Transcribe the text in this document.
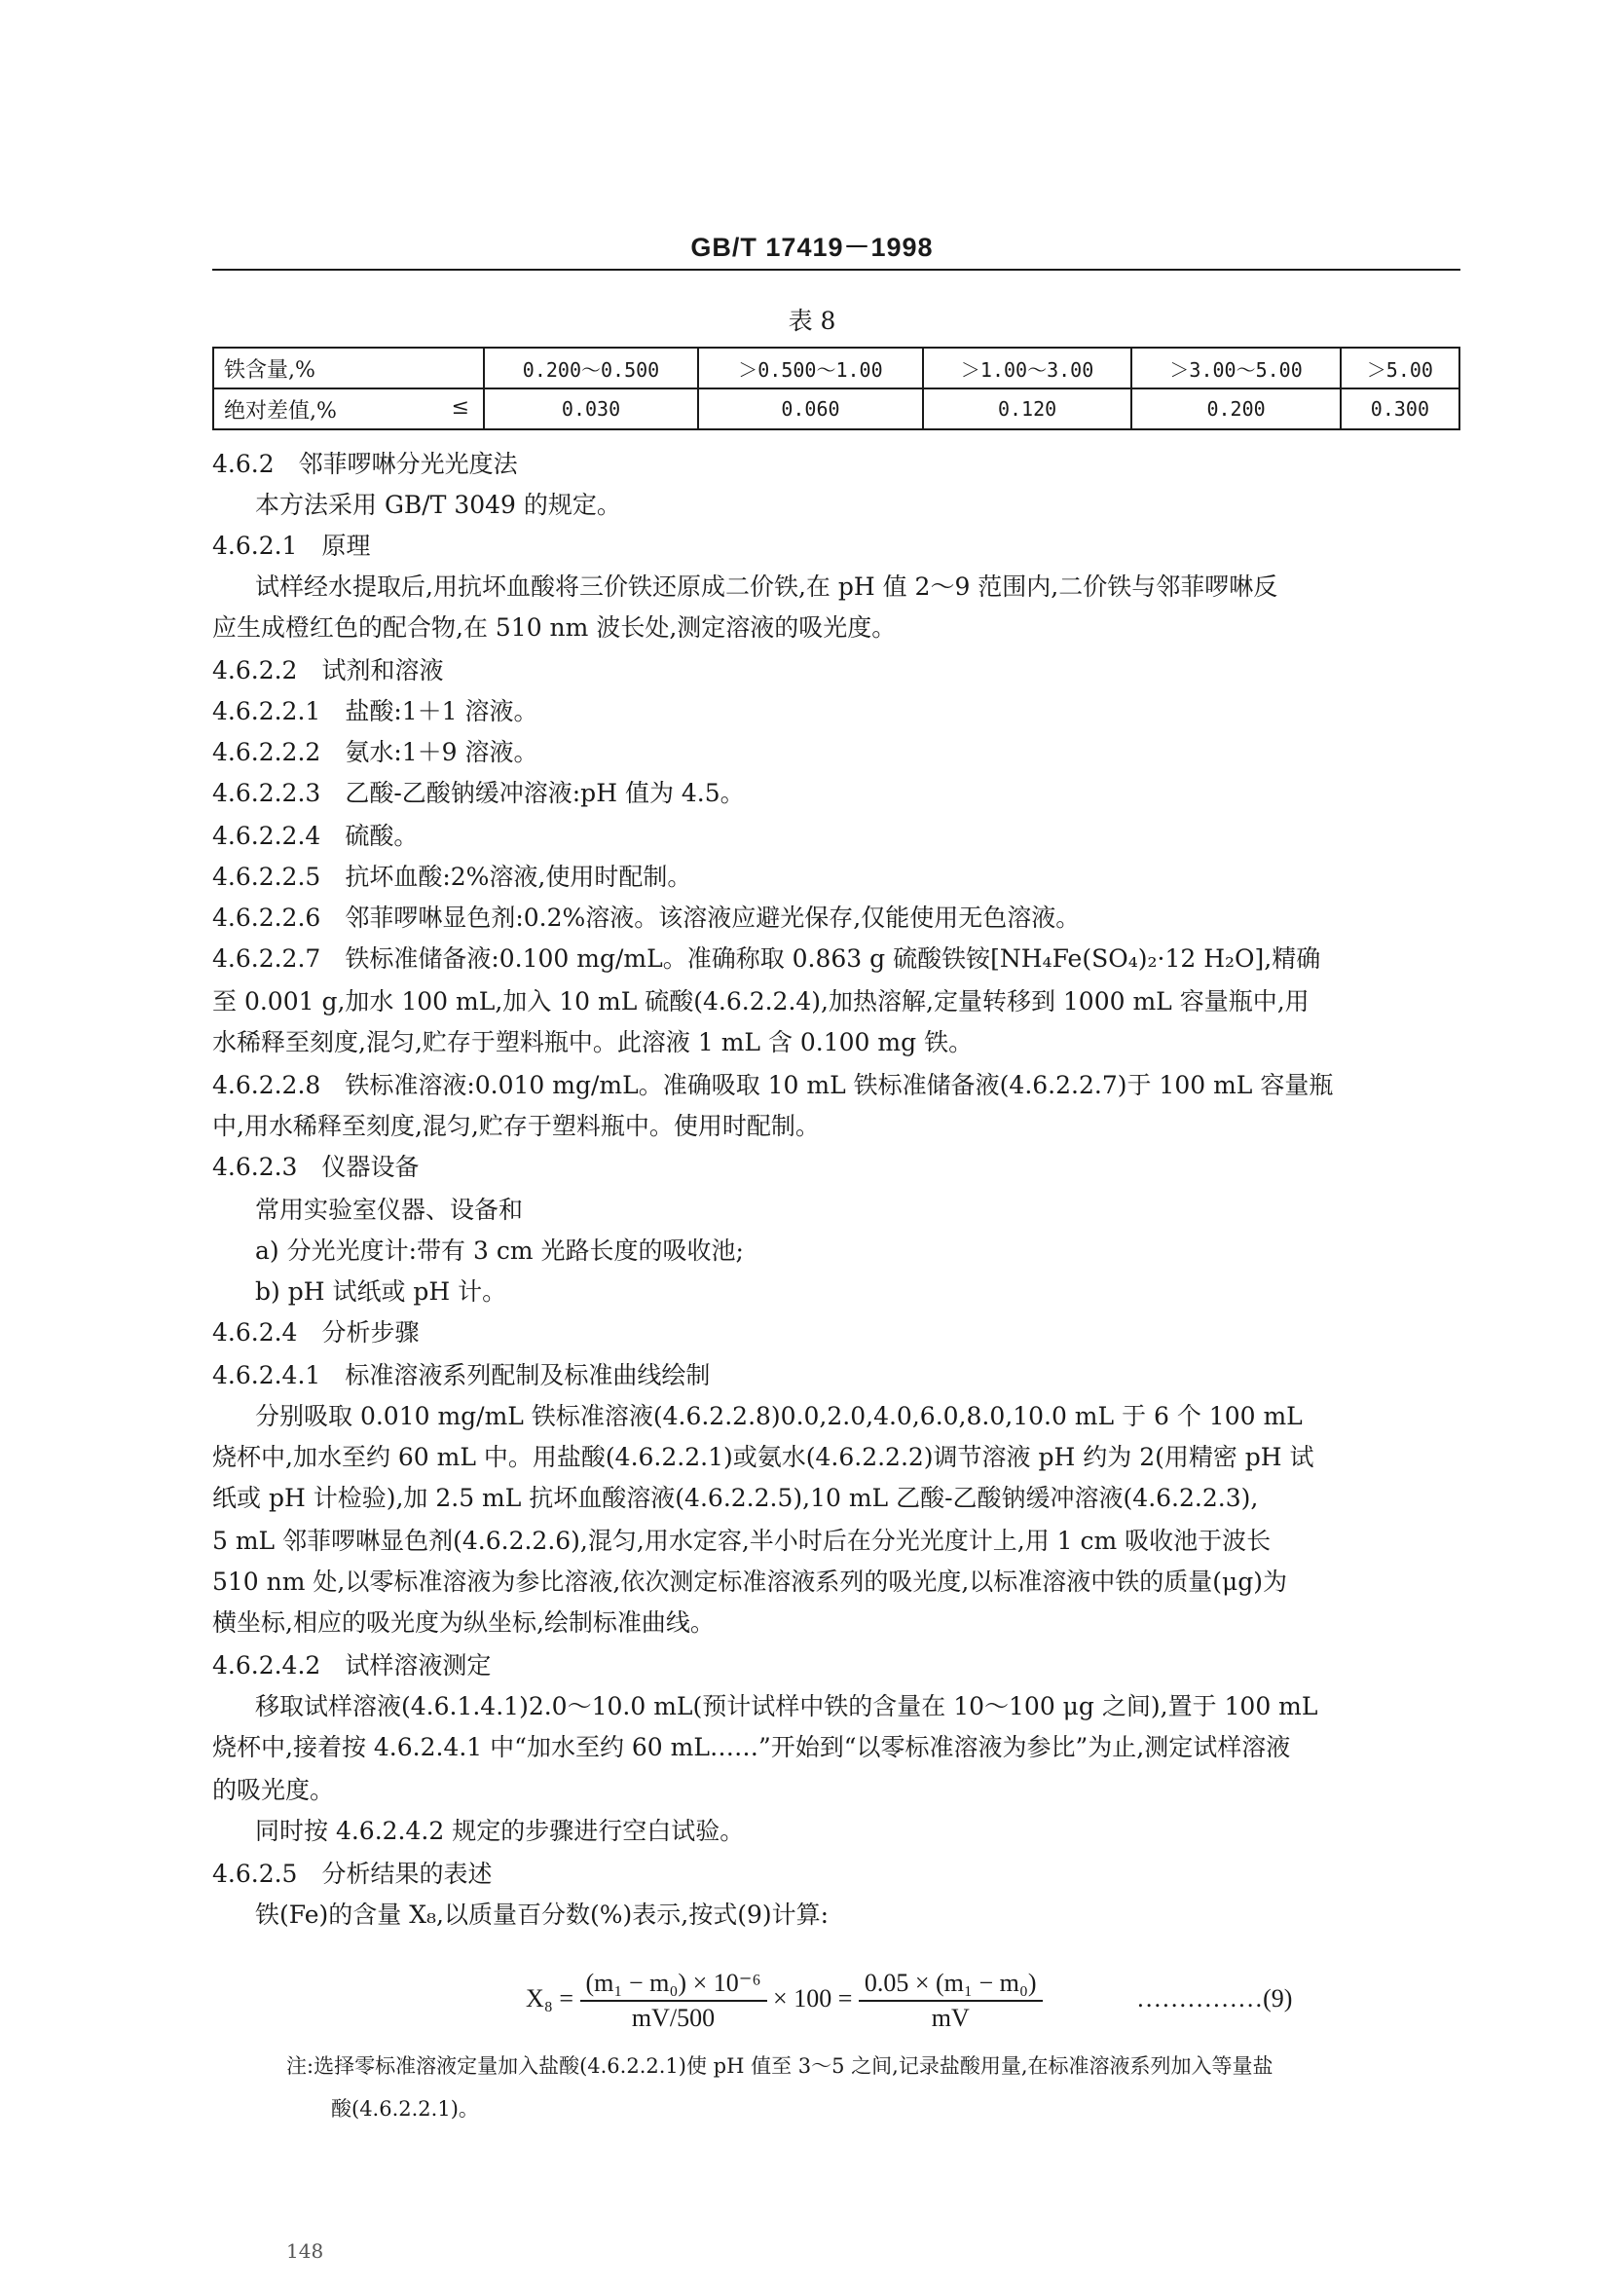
GB/T 17419－1998
表 8
铁含量,%	0.200～0.500	＞0.500～1.00	＞1.00～3.00	＞3.00～5.00	＞5.00
绝对差值,% ≤	0.030	0.060	0.120	0.200	0.300
4.6.2　邻菲啰啉分光光度法
本方法采用 GB/T 3049 的规定。
4.6.2.1　原理
试样经水提取后,用抗坏血酸将三价铁还原成二价铁,在 pH 值 2～9 范围内,二价铁与邻菲啰啉反
应生成橙红色的配合物,在 510 nm 波长处,测定溶液的吸光度。
4.6.2.2　试剂和溶液
4.6.2.2.1　盐酸:1＋1 溶液。
4.6.2.2.2　氨水:1＋9 溶液。
4.6.2.2.3　乙酸-乙酸钠缓冲溶液:pH 值为 4.5。
4.6.2.2.4　硫酸。
4.6.2.2.5　抗坏血酸:2%溶液,使用时配制。
4.6.2.2.6　邻菲啰啉显色剂:0.2%溶液。该溶液应避光保存,仅能使用无色溶液。
4.6.2.2.7　铁标准储备液:0.100 mg/mL。准确称取 0.863 g 硫酸铁铵[NH₄Fe(SO₄)₂·12 H₂O],精确
至 0.001 g,加水 100 mL,加入 10 mL 硫酸(4.6.2.2.4),加热溶解,定量转移到 1000 mL 容量瓶中,用
水稀释至刻度,混匀,贮存于塑料瓶中。此溶液 1 mL 含 0.100 mg 铁。
4.6.2.2.8　铁标准溶液:0.010 mg/mL。准确吸取 10 mL 铁标准储备液(4.6.2.2.7)于 100 mL 容量瓶
中,用水稀释至刻度,混匀,贮存于塑料瓶中。使用时配制。
4.6.2.3　仪器设备
常用实验室仪器、设备和
a) 分光光度计:带有 3 cm 光路长度的吸收池;
b) pH 试纸或 pH 计。
4.6.2.4　分析步骤
4.6.2.4.1　标准溶液系列配制及标准曲线绘制
分别吸取 0.010 mg/mL 铁标准溶液(4.6.2.2.8)0.0,2.0,4.0,6.0,8.0,10.0 mL 于 6 个 100 mL
烧杯中,加水至约 60 mL 中。用盐酸(4.6.2.2.1)或氨水(4.6.2.2.2)调节溶液 pH 约为 2(用精密 pH 试
纸或 pH 计检验),加 2.5 mL 抗坏血酸溶液(4.6.2.2.5),10 mL 乙酸-乙酸钠缓冲溶液(4.6.2.2.3),
5 mL 邻菲啰啉显色剂(4.6.2.2.6),混匀,用水定容,半小时后在分光光度计上,用 1 cm 吸收池于波长
510 nm 处,以零标准溶液为参比溶液,依次测定标准溶液系列的吸光度,以标准溶液中铁的质量(μg)为
横坐标,相应的吸光度为纵坐标,绘制标准曲线。
4.6.2.4.2　试样溶液测定
移取试样溶液(4.6.1.4.1)2.0～10.0 mL(预计试样中铁的含量在 10～100 μg 之间),置于 100 mL
烧杯中,接着按 4.6.2.4.1 中“加水至约 60 mL……”开始到“以零标准溶液为参比”为止,测定试样溶液
的吸光度。
同时按 4.6.2.4.2 规定的步骤进行空白试验。
4.6.2.5　分析结果的表述
铁(Fe)的含量 X₈,以质量百分数(%)表示,按式(9)计算:
$X_8 = \frac{\text{(m₁ − m₀) × 10⁻⁶}}{mV/500} \times 100 = \frac{\text{0.05 × (m₁ − m₀)}}{mV}$	……………(9)
注:选择零标准溶液定量加入盐酸(4.6.2.2.1)使 pH 值至 3～5 之间,记录盐酸用量,在标准溶液系列加入等量盐
酸(4.6.2.2.1)。
148
